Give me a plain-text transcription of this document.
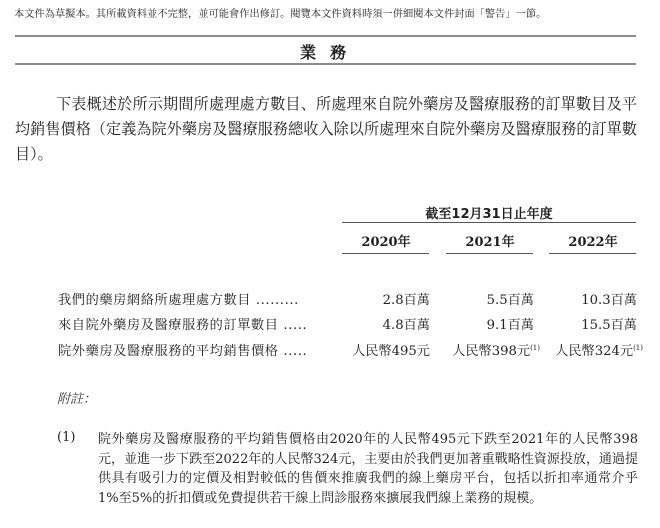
本文件為草擬本。其所載資料並不完整，並可能會作出修訂。閱覽本文件資料時須一併細閱本文件封面「警告」一節。
業務
下表概述於所示期間所處理處方數目、所處理來自院外藥房及醫療服務的訂單數目及平均銷售價格（定義為院外藥房及醫療服務總收入除以所處理來自院外藥房及醫療服務的訂單數目）。
截至12月31日止年度
2020年	2021年	2022年
我們的藥房網絡所處理處方數目 .........	2.8百萬	5.5百萬	10.3百萬
來自院外藥房及醫療服務的訂單數目 .....	4.8百萬	9.1百萬	15.5百萬
院外藥房及醫療服務的平均銷售價格 .....	人民幣495元	人民幣398元$^{(1)}$	人民幣324元$^{(1)}$
附註：
(1) 院外藥房及醫療服務的平均銷售價格由2020年的人民幣495元下跌至2021年的人民幣398元，並進一步下跌至2022年的人民幣324元，主要由於我們更加著重戰略性資源投放，通過提供具有吸引力的定價及相對較低的售價來推廣我們的線上藥房平台，包括以折扣率通常介乎1%至5%的折扣價或免費提供若干線上問診服務來擴展我們線上業務的規模。
